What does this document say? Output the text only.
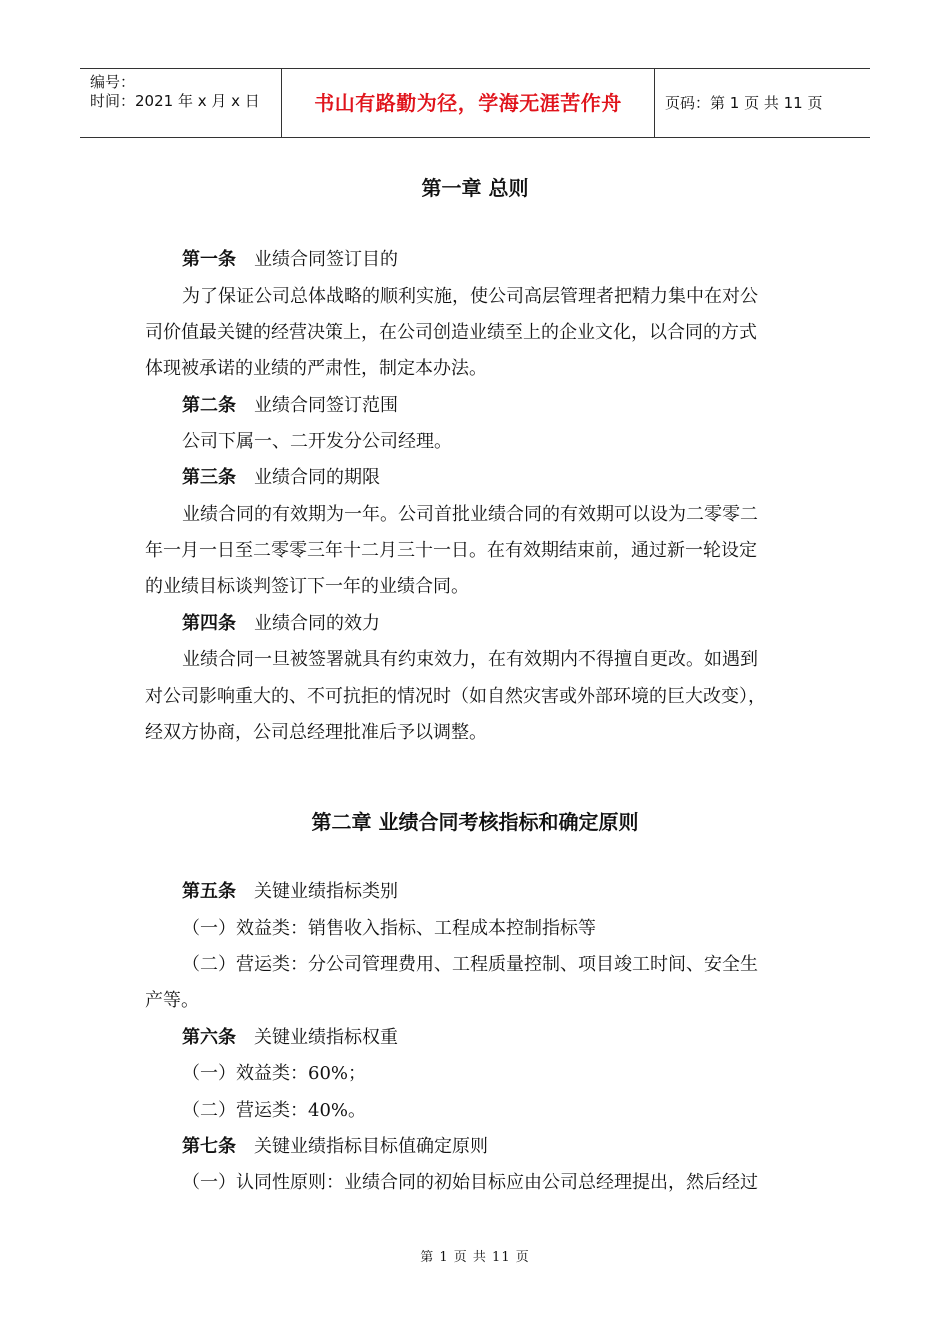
编号：
时间：2021 年 x 月 x 日	书山有路勤为径，学海无涯苦作舟	页码：第 1 页 共 11 页
第一章 总则
第一条 业绩合同签订目的
为了保证公司总体战略的顺利实施，使公司高层管理者把精力集中在对公
司价值最关键的经营决策上，在公司创造业绩至上的企业文化，以合同的方式
体现被承诺的业绩的严肃性，制定本办法。
第二条 业绩合同签订范围
公司下属一、二开发分公司经理。
第三条 业绩合同的期限
业绩合同的有效期为一年。公司首批业绩合同的有效期可以设为二零零二
年一月一日至二零零三年十二月三十一日。在有效期结束前，通过新一轮设定
的业绩目标谈判签订下一年的业绩合同。
第四条 业绩合同的效力
业绩合同一旦被签署就具有约束效力，在有效期内不得擅自更改。如遇到
对公司影响重大的、不可抗拒的情况时（如自然灾害或外部环境的巨大改变），
经双方协商，公司总经理批准后予以调整。
第二章 业绩合同考核指标和确定原则
第五条 关键业绩指标类别
（一）效益类：销售收入指标、工程成本控制指标等
（二）营运类：分公司管理费用、工程质量控制、项目竣工时间、安全生
产等。
第六条 关键业绩指标权重
（一）效益类：60%；
（二）营运类：40%。
第七条 关键业绩指标目标值确定原则
（一）认同性原则：业绩合同的初始目标应由公司总经理提出，然后经过
第 1 页 共 11 页
